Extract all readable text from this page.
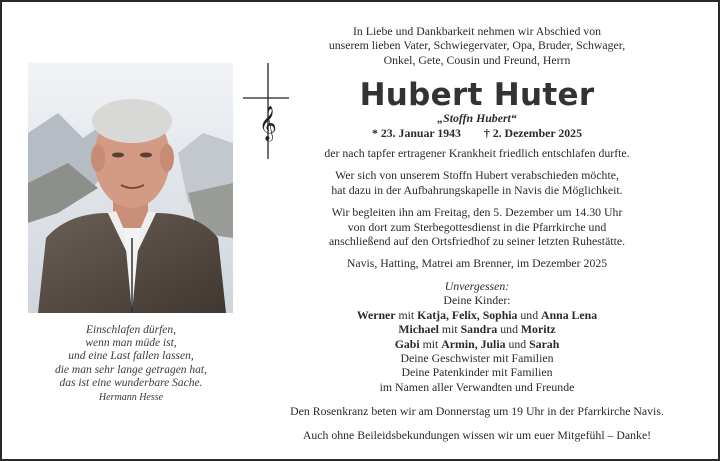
Einschlafen dürfen,
wenn man müde ist,
und eine Last fallen lassen,
die man sehr lange getragen hat,
das ist eine wunderbare Sache.
Hermann Hesse
𝄞
In Liebe und Dankbarkeit nehmen wir Abschied von
unserem lieben Vater, Schwiegervater, Opa, Bruder, Schwager,
Onkel, Gete, Cousin und Freund, Herrn
Hubert Huter
„Stoffn Hubert“
* 23. Januar 1943 † 2. Dezember 2025
der nach tapfer ertragener Krankheit friedlich entschlafen durfte.
Wer sich von unserem Stoffn Hubert verabschieden möchte,
hat dazu in der Aufbahrungskapelle in Navis die Möglichkeit.
Wir begleiten ihn am Freitag, den 5. Dezember um 14.30 Uhr
von dort zum Sterbegottesdienst in die Pfarrkirche und
anschließend auf den Ortsfriedhof zu seiner letzten Ruhestätte.
Navis, Hatting, Matrei am Brenner, im Dezember 2025
Unvergessen:
Deine Kinder:
Werner mit Katja, Felix, Sophia und Anna Lena
Michael mit Sandra und Moritz
Gabi mit Armin, Julia und Sarah
Deine Geschwister mit Familien
Deine Patenkinder mit Familien
im Namen aller Verwandten und Freunde
Den Rosenkranz beten wir am Donnerstag um 19 Uhr in der Pfarrkirche Navis.
Auch ohne Beileidsbekundungen wissen wir um euer Mitgefühl – Danke!
